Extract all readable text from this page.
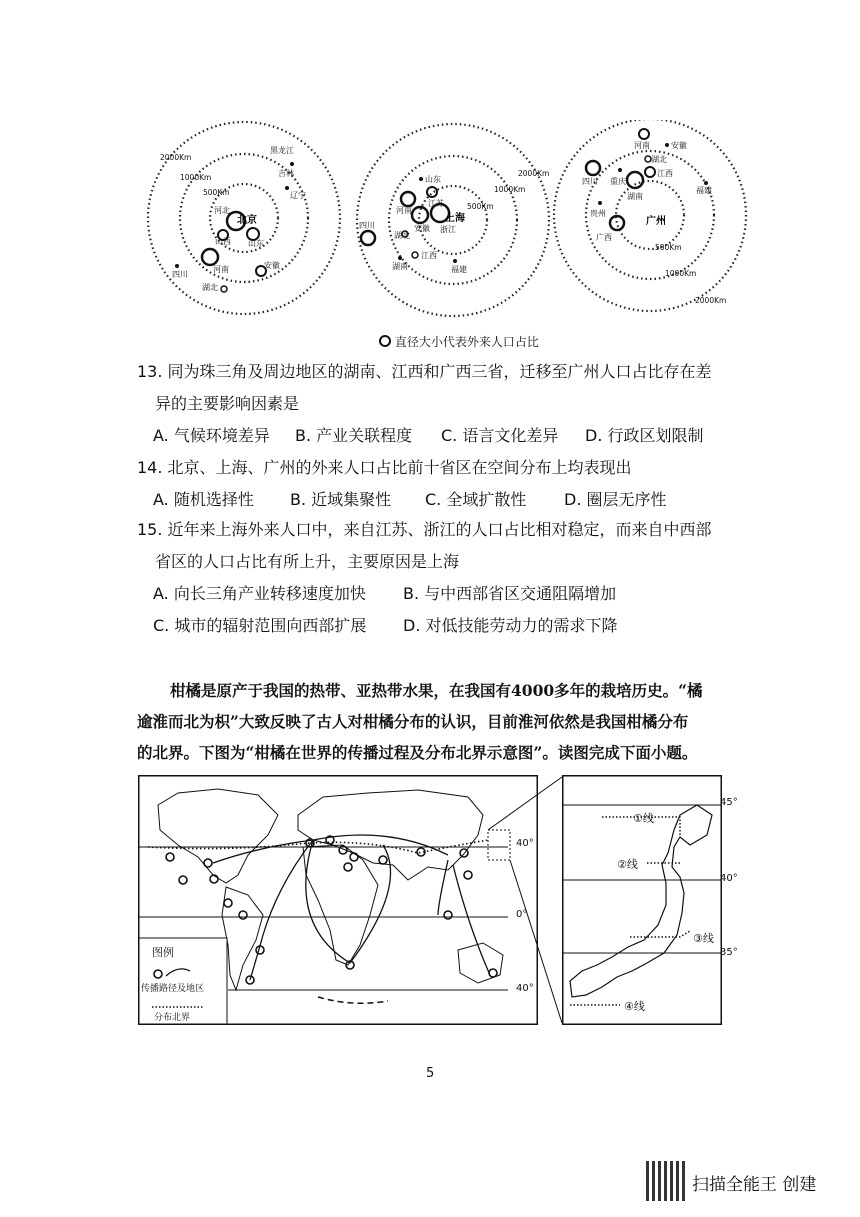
2000Km
1000Km
500Km
黑龙江
吉林
辽宁
河北
北京
山西 山东
四川
河南	安徽
湖北
2000Km
1000Km
500Km
山东
江苏
河南
安徽
上海
浙江
四川
湖北
江西
湖南	福建
2000Km
1000Km
500Km
河南	安徽
湖北
四川 重庆
江西
福建
贵州
湖南
广州
广西
直径大小代表外来人口占比
13. 同为珠三角及周边地区的湖南、江西和广西三省，迁移至广州人口占比存在差
异的主要影响因素是
A. 气候环境差异 B. 产业关联程度 C. 语言文化差异 D. 行政区划限制
14. 北京、上海、广州的外来人口占比前十省区在空间分布上均表现出
A. 随机选择性 B. 近域集聚性 C. 全域扩散性 D. 圈层无序性
15. 近年来上海外来人口中，来自江苏、浙江的人口占比相对稳定，而来自中西部
省区的人口占比有所上升，主要原因是上海
A. 向长三角产业转移速度加快 B. 与中西部省区交通阻隔增加
C. 城市的辐射范围向西部扩展 D. 对低技能劳动力的需求下降
柑橘是原产于我国的热带、亚热带水果，在我国有4000多年的栽培历史。“橘
逾淮而北为枳”大致反映了古人对柑橘分布的认识，目前淮河依然是我国柑橘分布
的北界。下图为“柑橘在世界的传播过程及分布北界示意图”。读图完成下面小题。
图例
传播路径及地区
分布北界
40°
0°
40°
①线
②线
③线
④线
45°
40°
35°
5
扫描全能王 创建
